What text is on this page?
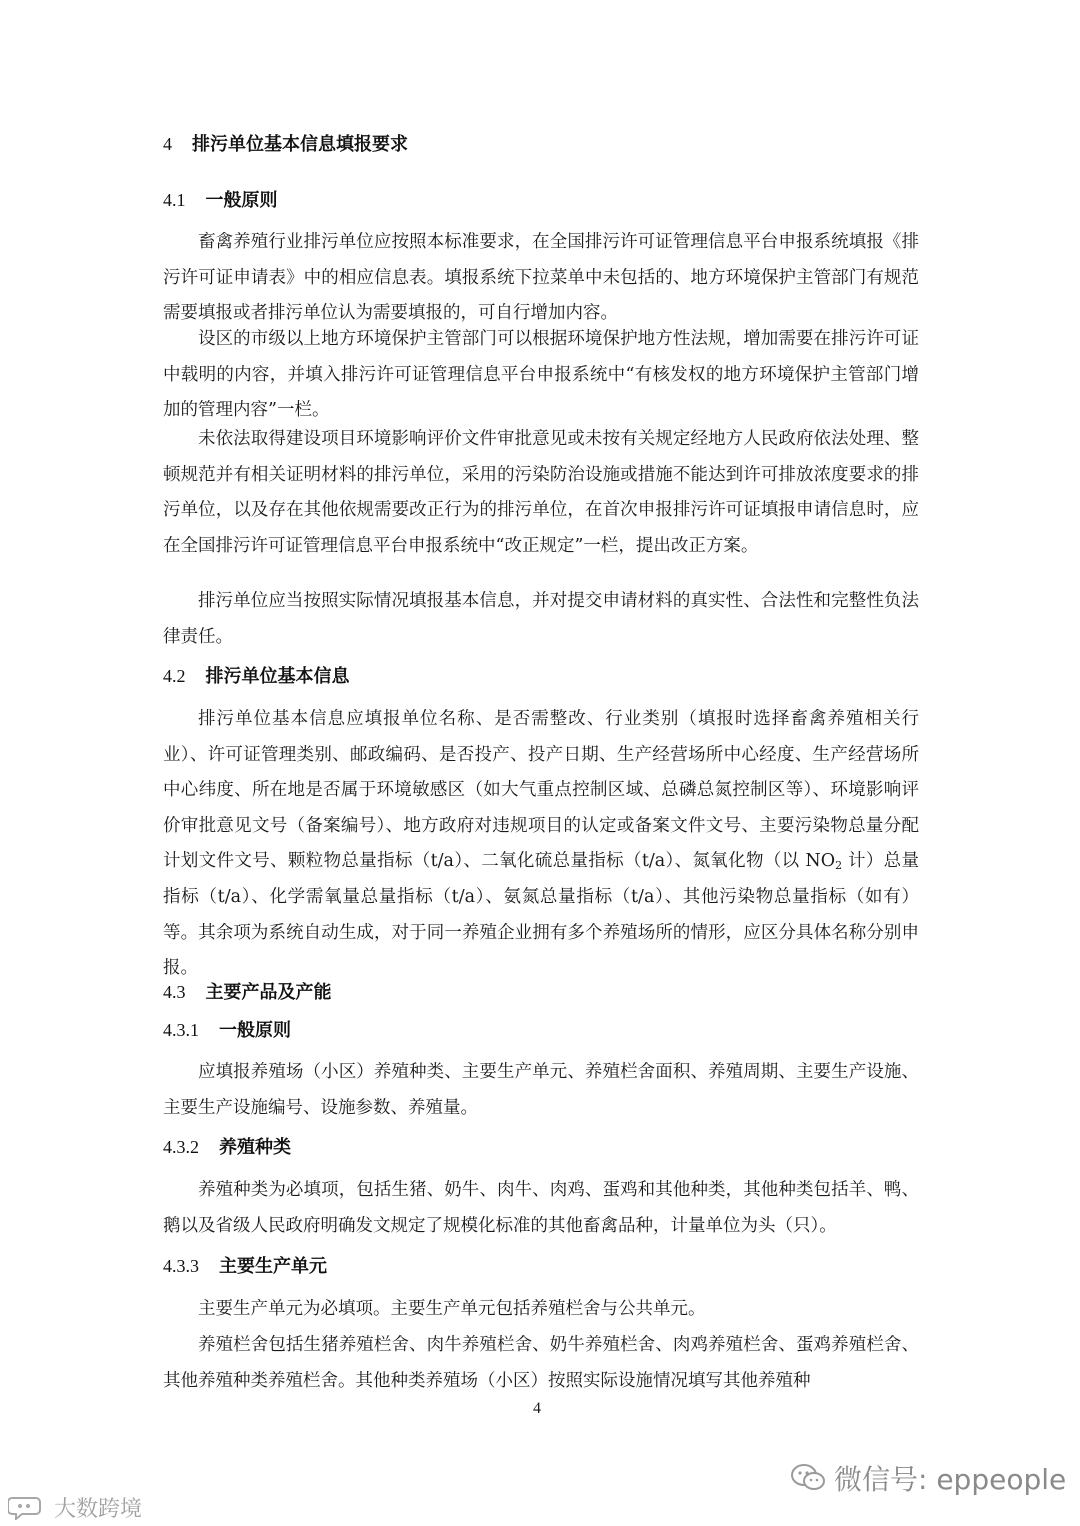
4 排污单位基本信息填报要求
4.1 一般原则

畜禽养殖行业排污单位应按照本标准要求，在全国排污许可证管理信息平台申报系统填报《排污许可证申请表》中的相应信息表。填报系统下拉菜单中未包括的、地方环境保护主管部门有规范需要填报或者排污单位认为需要填报的，可自行增加内容。

设区的市级以上地方环境保护主管部门可以根据环境保护地方性法规，增加需要在排污许可证中载明的内容，并填入排污许可证管理信息平台申报系统中“有核发权的地方环境保护主管部门增加的管理内容”一栏。

未依法取得建设项目环境影响评价文件审批意见或未按有关规定经地方人民政府依法处理、整顿规范并有相关证明材料的排污单位，采用的污染防治设施或措施不能达到许可排放浓度要求的排污单位，以及存在其他依规需要改正行为的排污单位，在首次申报排污许可证填报申请信息时，应在全国排污许可证管理信息平台申报系统中“改正规定”一栏，提出改正方案。

排污单位应当按照实际情况填报基本信息，并对提交申请材料的真实性、合法性和完整性负法律责任。

4.2 排污单位基本信息

排污单位基本信息应填报单位名称、是否需整改、行业类别（填报时选择畜禽养殖相关行业）、许可证管理类别、邮政编码、是否投产、投产日期、生产经营场所中心经度、生产经营场所中心纬度、所在地是否属于环境敏感区（如大气重点控制区域、总磷总氮控制区等）、环境影响评价审批意见文号（备案编号）、地方政府对违规项目的认定或备案文件文号、主要污染物总量分配计划文件文号、颗粒物总量指标（t/a）、二氧化硫总量指标（t/a）、氮氧化物（以 $NO_2$ 计）总量指标（t/a）、化学需氧量总量指标（t/a）、氨氮总量指标（t/a）、其他污染物总量指标（如有）等。其余项为系统自动生成，对于同一养殖企业拥有多个养殖场所的情形，应区分具体名称分别申报。

4.3 主要产品及产能
4.3.1 一般原则

应填报养殖场（小区）养殖种类、主要生产单元、养殖栏舍面积、养殖周期、主要生产设施、主要生产设施编号、设施参数、养殖量。

4.3.2 养殖种类

养殖种类为必填项，包括生猪、奶牛、肉牛、肉鸡、蛋鸡和其他种类，其他种类包括羊、鸭、鹅以及省级人民政府明确发文规定了规模化标准的其他畜禽品种，计量单位为头（只）。

4.3.3 主要生产单元

主要生产单元为必填项。主要生产单元包括养殖栏舍与公共单元。

养殖栏舍包括生猪养殖栏舍、肉牛养殖栏舍、奶牛养殖栏舍、肉鸡养殖栏舍、蛋鸡养殖栏舍、其他养殖种类养殖栏舍。其他种类养殖场（小区）按照实际设施情况填写其他养殖种

4
微信号: eppeople
大数跨境
